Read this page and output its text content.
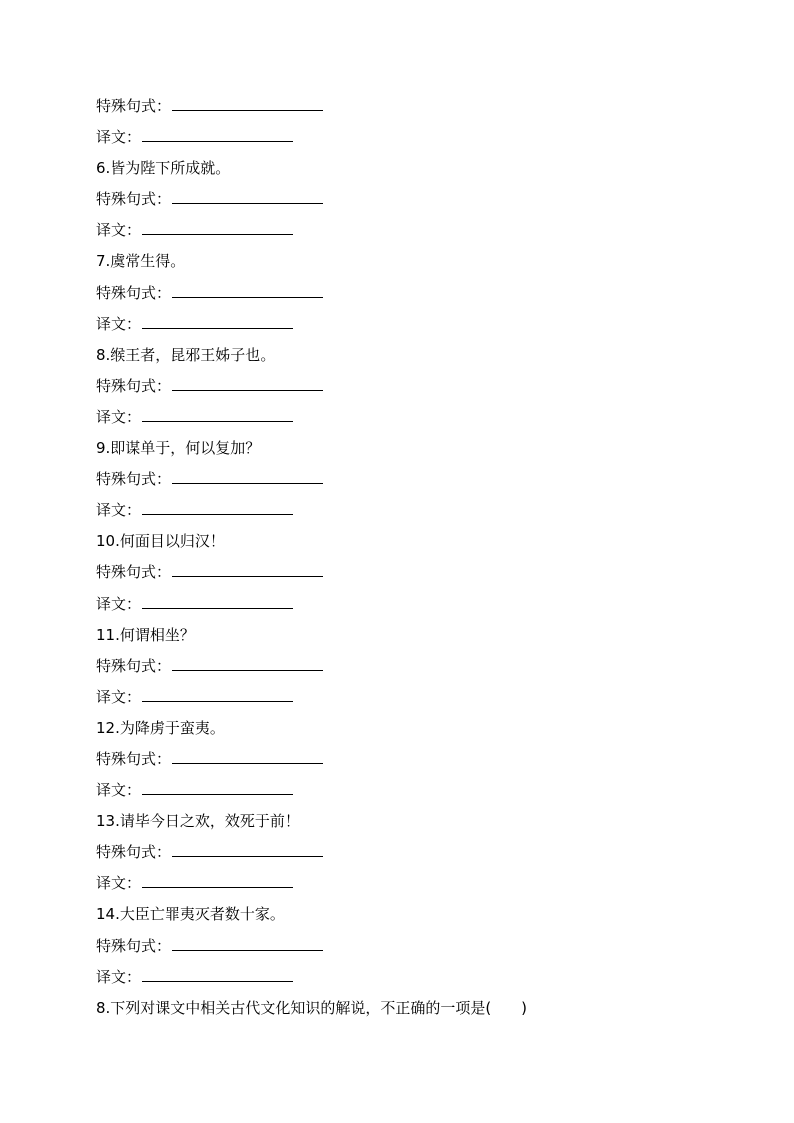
特殊句式：
译文：
6.皆为陛下所成就。
特殊句式：
译文：
7.虞常生得。
特殊句式：
译文：
8.缑王者，昆邪王姊子也。
特殊句式：
译文：
9.即谋单于，何以复加？
特殊句式：
译文：
10.何面目以归汉！
特殊句式：
译文：
11.何谓相坐？
特殊句式：
译文：
12.为降虏于蛮夷。
特殊句式：
译文：
13.请毕今日之欢，效死于前！
特殊句式：
译文：
14.大臣亡罪夷灭者数十家。
特殊句式：
译文：
8.下列对课文中相关古代文化知识的解说，不正确的一项是(　　)
